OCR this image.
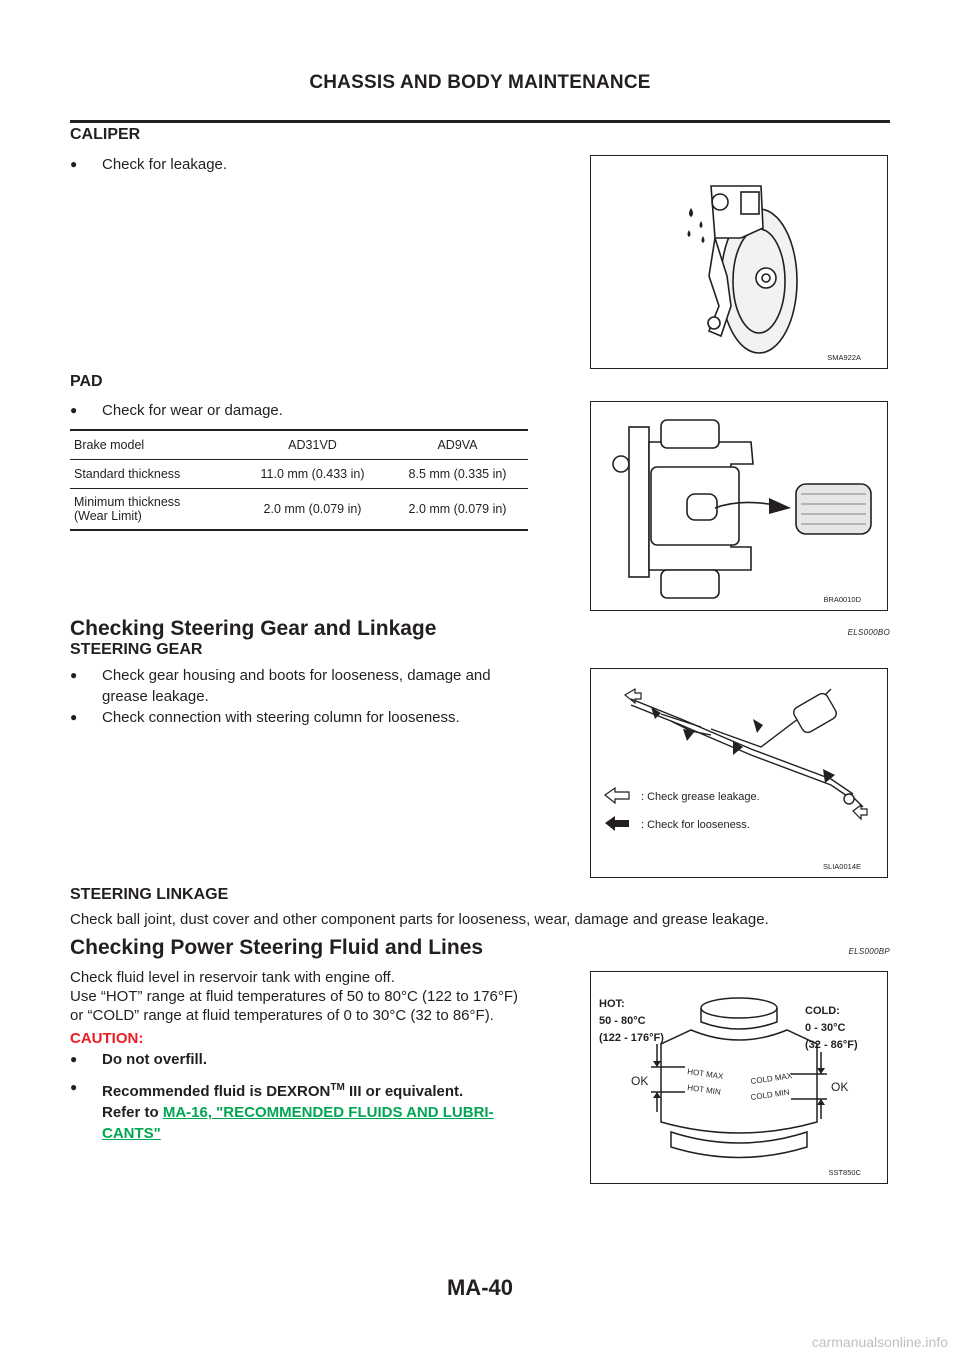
CHASSIS AND BODY MAINTENANCE
CALIPER
●	Check for leakage.
SMA922A
PAD
●	Check for wear or damage.
Brake model	AD31VD	AD9VA
Standard thickness	11.0 mm (0.433 in)	8.5 mm (0.335 in)
Minimum thickness
(Wear Limit)	2.0 mm (0.079 in)	2.0 mm (0.079 in)
BRA0010D
Checking Steering Gear and Linkage	ELS000BO
STEERING GEAR
●	Check gear housing and boots for looseness, damage and
grease leakage.
●	Check connection with steering column for looseness.
: Check grease leakage.
: Check for looseness.
SLIA0014E
STEERING LINKAGE
Check ball joint, dust cover and other component parts for looseness, wear, damage and grease leakage.
Checking Power Steering Fluid and Lines	ELS000BP
Check fluid level in reservoir tank with engine off.
Use “HOT” range at fluid temperatures of 50 to 80°C (122 to 176°F)
or “COLD” range at fluid temperatures of 0 to 30°C (32 to 86°F).
CAUTION:
●	Do not overfill.
●	Recommended fluid is DEXRON™ III or equivalent.
Refer to MA-16, "RECOMMENDED FLUIDS AND LUBRI-
CANTS"
HOT:
50 - 80°C
(122 - 176°F)
COLD:
0 - 30°C
(32 - 86°F)
OK	OK
HOT MAX
HOT MIN
COLD MAX
COLD MIN
SST850C
MA-40
carmanualsonline.info
